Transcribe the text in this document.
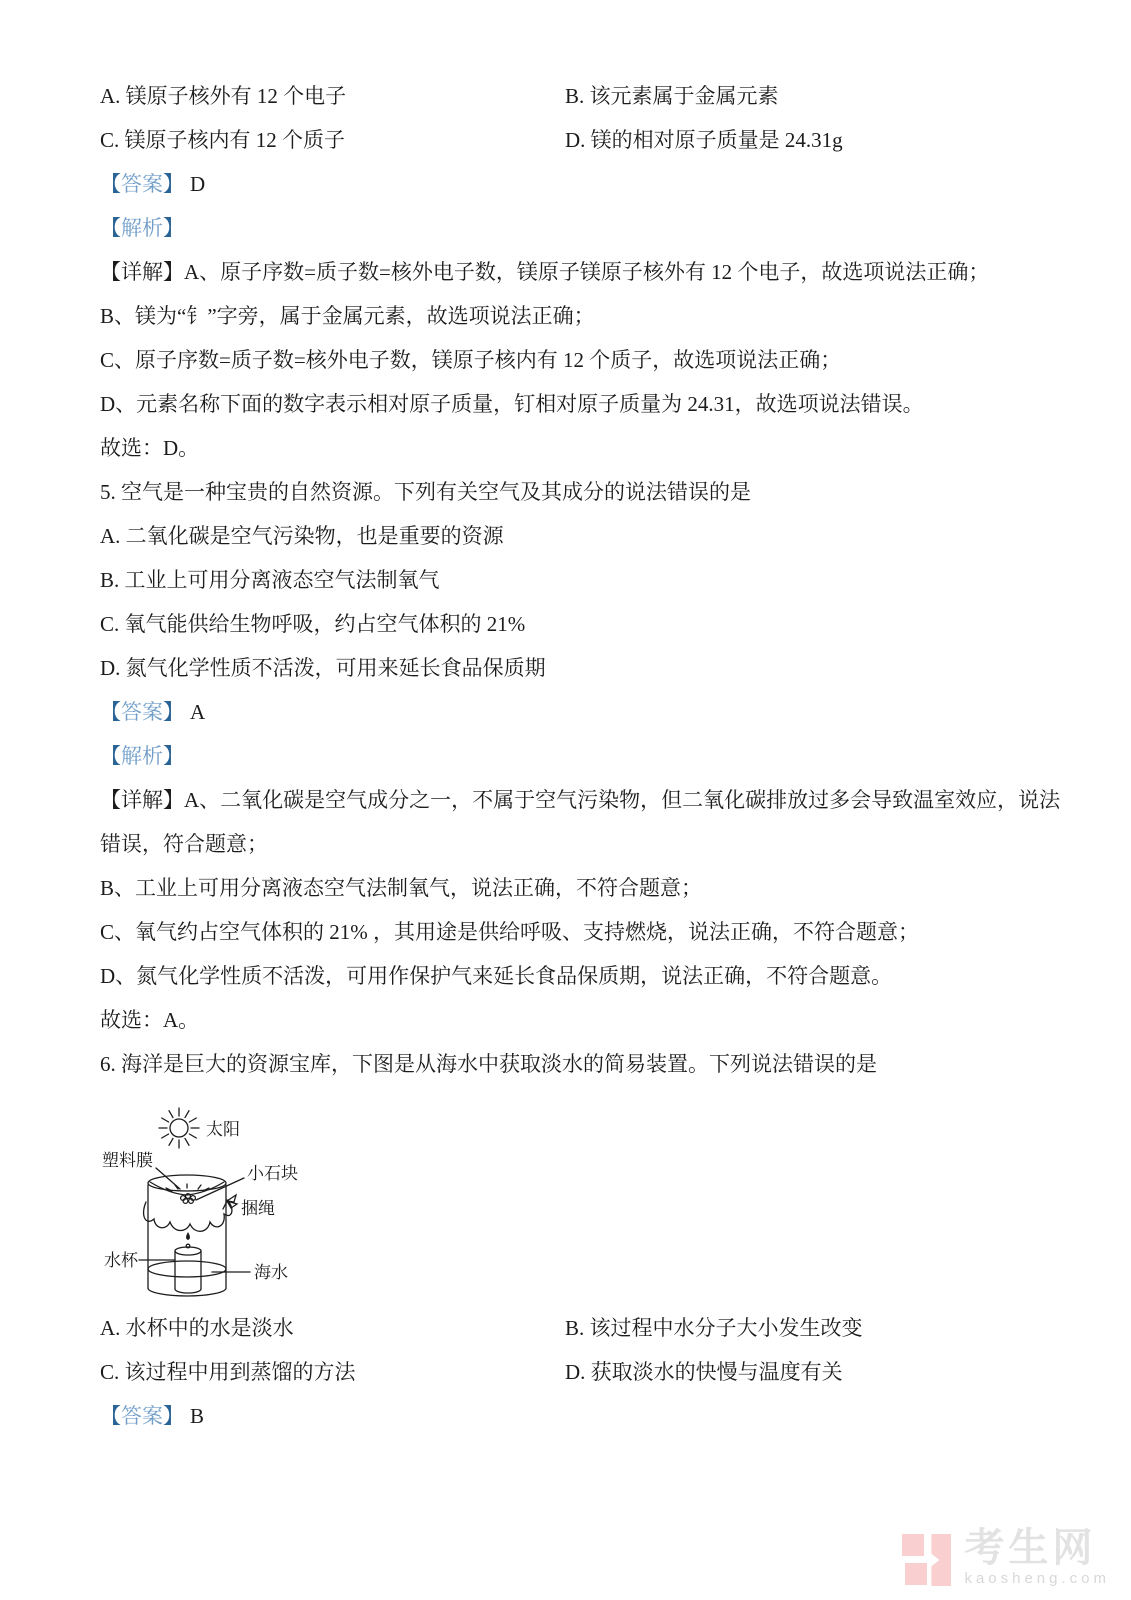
A. 镁原子核外有 12 个电子	B. 该元素属于金属元素
C. 镁原子核内有 12 个质子	D. 镁的相对原子质量是 24.31g
【答案】 D
【解析】
【详解】A、原子序数=质子数=核外电子数，镁原子镁原子核外有 12 个电子，故选项说法正确；
B、镁为“钅”字旁，属于金属元素，故选项说法正确；
C、原子序数=质子数=核外电子数，镁原子核内有 12 个质子，故选项说法正确；
D、元素名称下面的数字表示相对原子质量，钉相对原子质量为 24.31，故选项说法错误。
故选：D。
5. 空气是一种宝贵的自然资源。下列有关空气及其成分的说法错误的是
A. 二氧化碳是空气污染物，也是重要的资源
B. 工业上可用分离液态空气法制氧气
C. 氧气能供给生物呼吸，约占空气体积的 21%
D. 氮气化学性质不活泼，可用来延长食品保质期
【答案】 A
【解析】
【详解】A、二氧化碳是空气成分之一，不属于空气污染物，但二氧化碳排放过多会导致温室效应，说法
错误，符合题意；
B、工业上可用分离液态空气法制氧气，说法正确，不符合题意；
C、氧气约占空气体积的 21% ，其用途是供给呼吸、支持燃烧，说法正确，不符合题意；
D、氮气化学性质不活泼，可用作保护气来延长食品保质期，说法正确，不符合题意。
故选：A。
6. 海洋是巨大的资源宝库，下图是从海水中获取淡水的简易装置。下列说法错误的是
太阳
塑料膜
小石块
捆绳
水杯
海水
A. 水杯中的水是淡水	B. 该过程中水分子大小发生改变
C. 该过程中用到蒸馏的方法	D. 获取淡水的快慢与温度有关
【答案】 B
考生网
kaosheng.com
